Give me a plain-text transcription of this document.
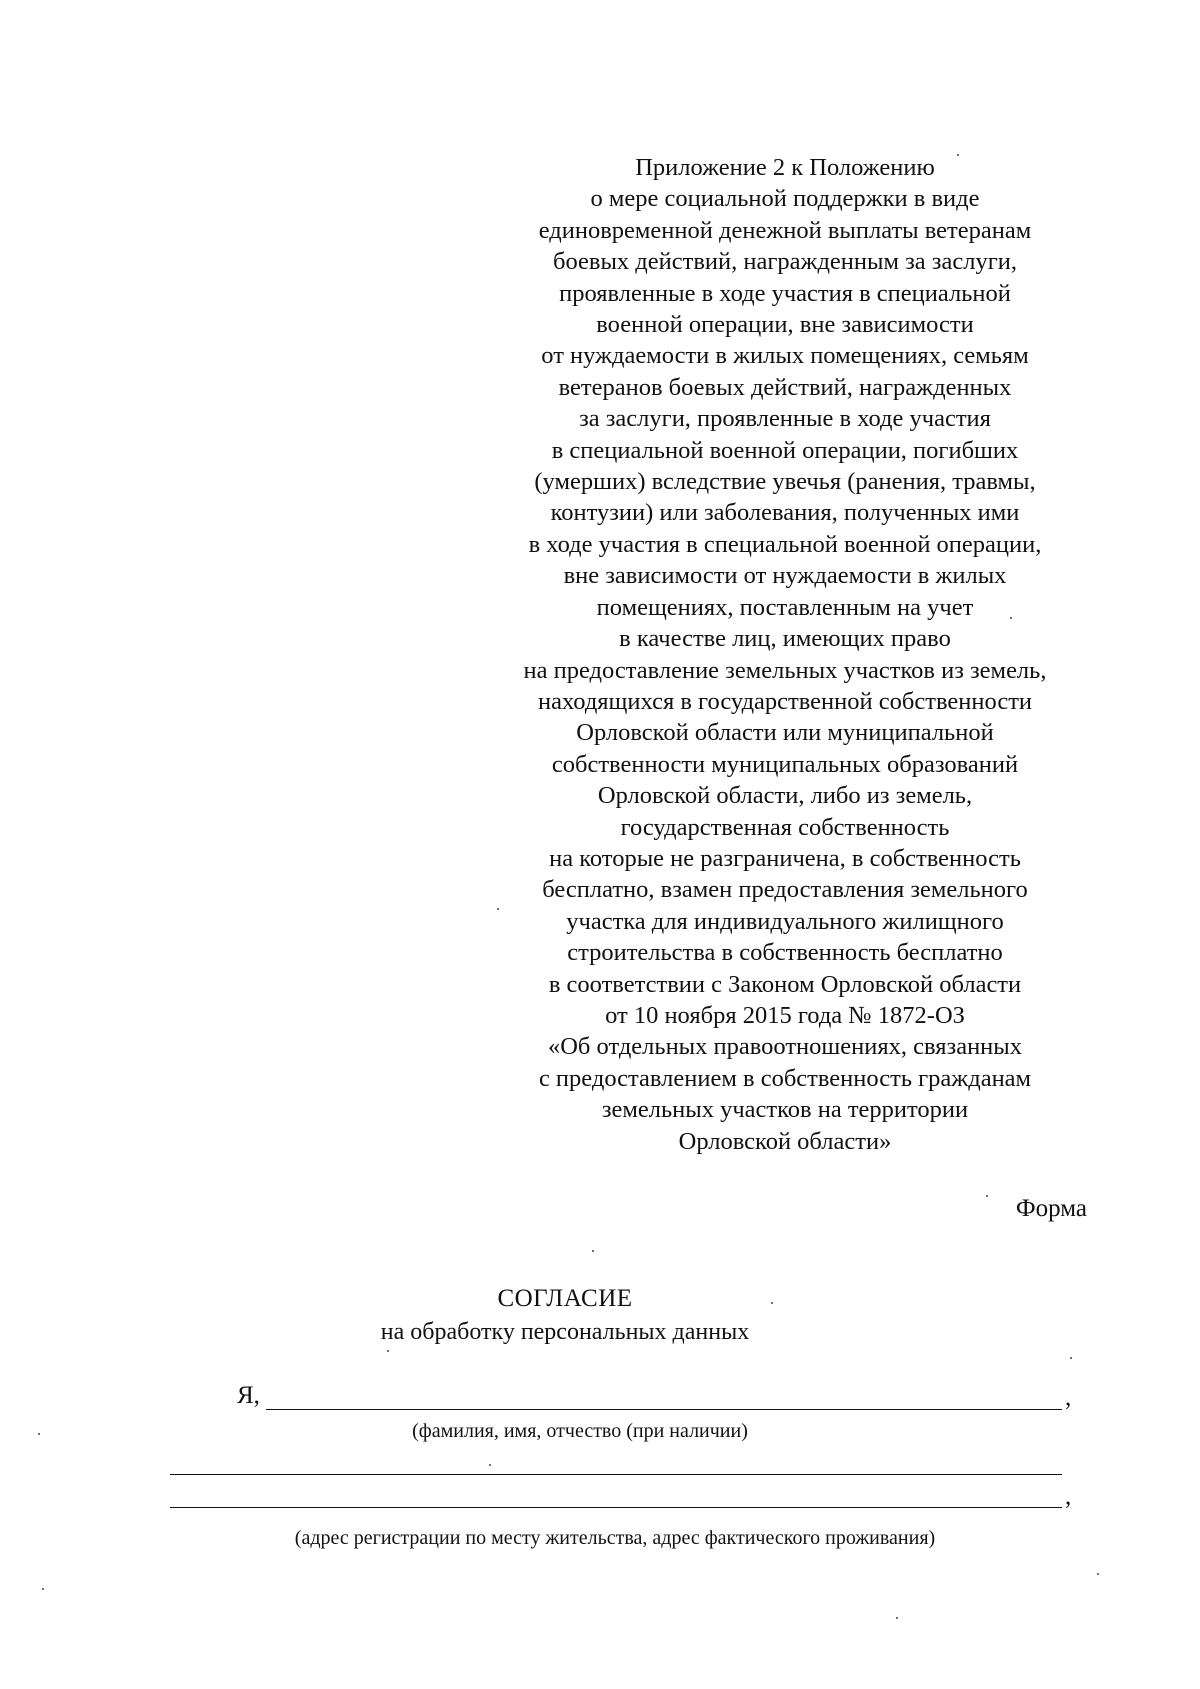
Приложение 2 к Положению
о мере социальной поддержки в виде
единовременной денежной выплаты ветеранам
боевых действий, награжденным за заслуги,
проявленные в ходе участия в специальной
военной операции, вне зависимости
от нуждаемости в жилых помещениях, семьям
ветеранов боевых действий, награжденных
за заслуги, проявленные в ходе участия
в специальной военной операции, погибших
(умерших) вследствие увечья (ранения, травмы,
контузии) или заболевания, полученных ими
в ходе участия в специальной военной операции,
вне зависимости от нуждаемости в жилых
помещениях, поставленным на учет
в качестве лиц, имеющих право
на предоставление земельных участков из земель,
находящихся в государственной собственности
Орловской области или муниципальной
собственности муниципальных образований
Орловской области, либо из земель,
государственная собственность
на которые не разграничена, в собственность
бесплатно, взамен предоставления земельного
участка для индивидуального жилищного
строительства в собственность бесплатно
в соответствии с Законом Орловской области
от 10 ноября 2015 года № 1872-ОЗ
«Об отдельных правоотношениях, связанных
с предоставлением в собственность гражданам
земельных участков на территории
Орловской области»
Форма
СОГЛАСИЕ
на обработку персональных данных
Я,	,
(фамилия, имя, отчество (при наличии)
,
(адрес регистрации по месту жительства, адрес фактического проживания)
